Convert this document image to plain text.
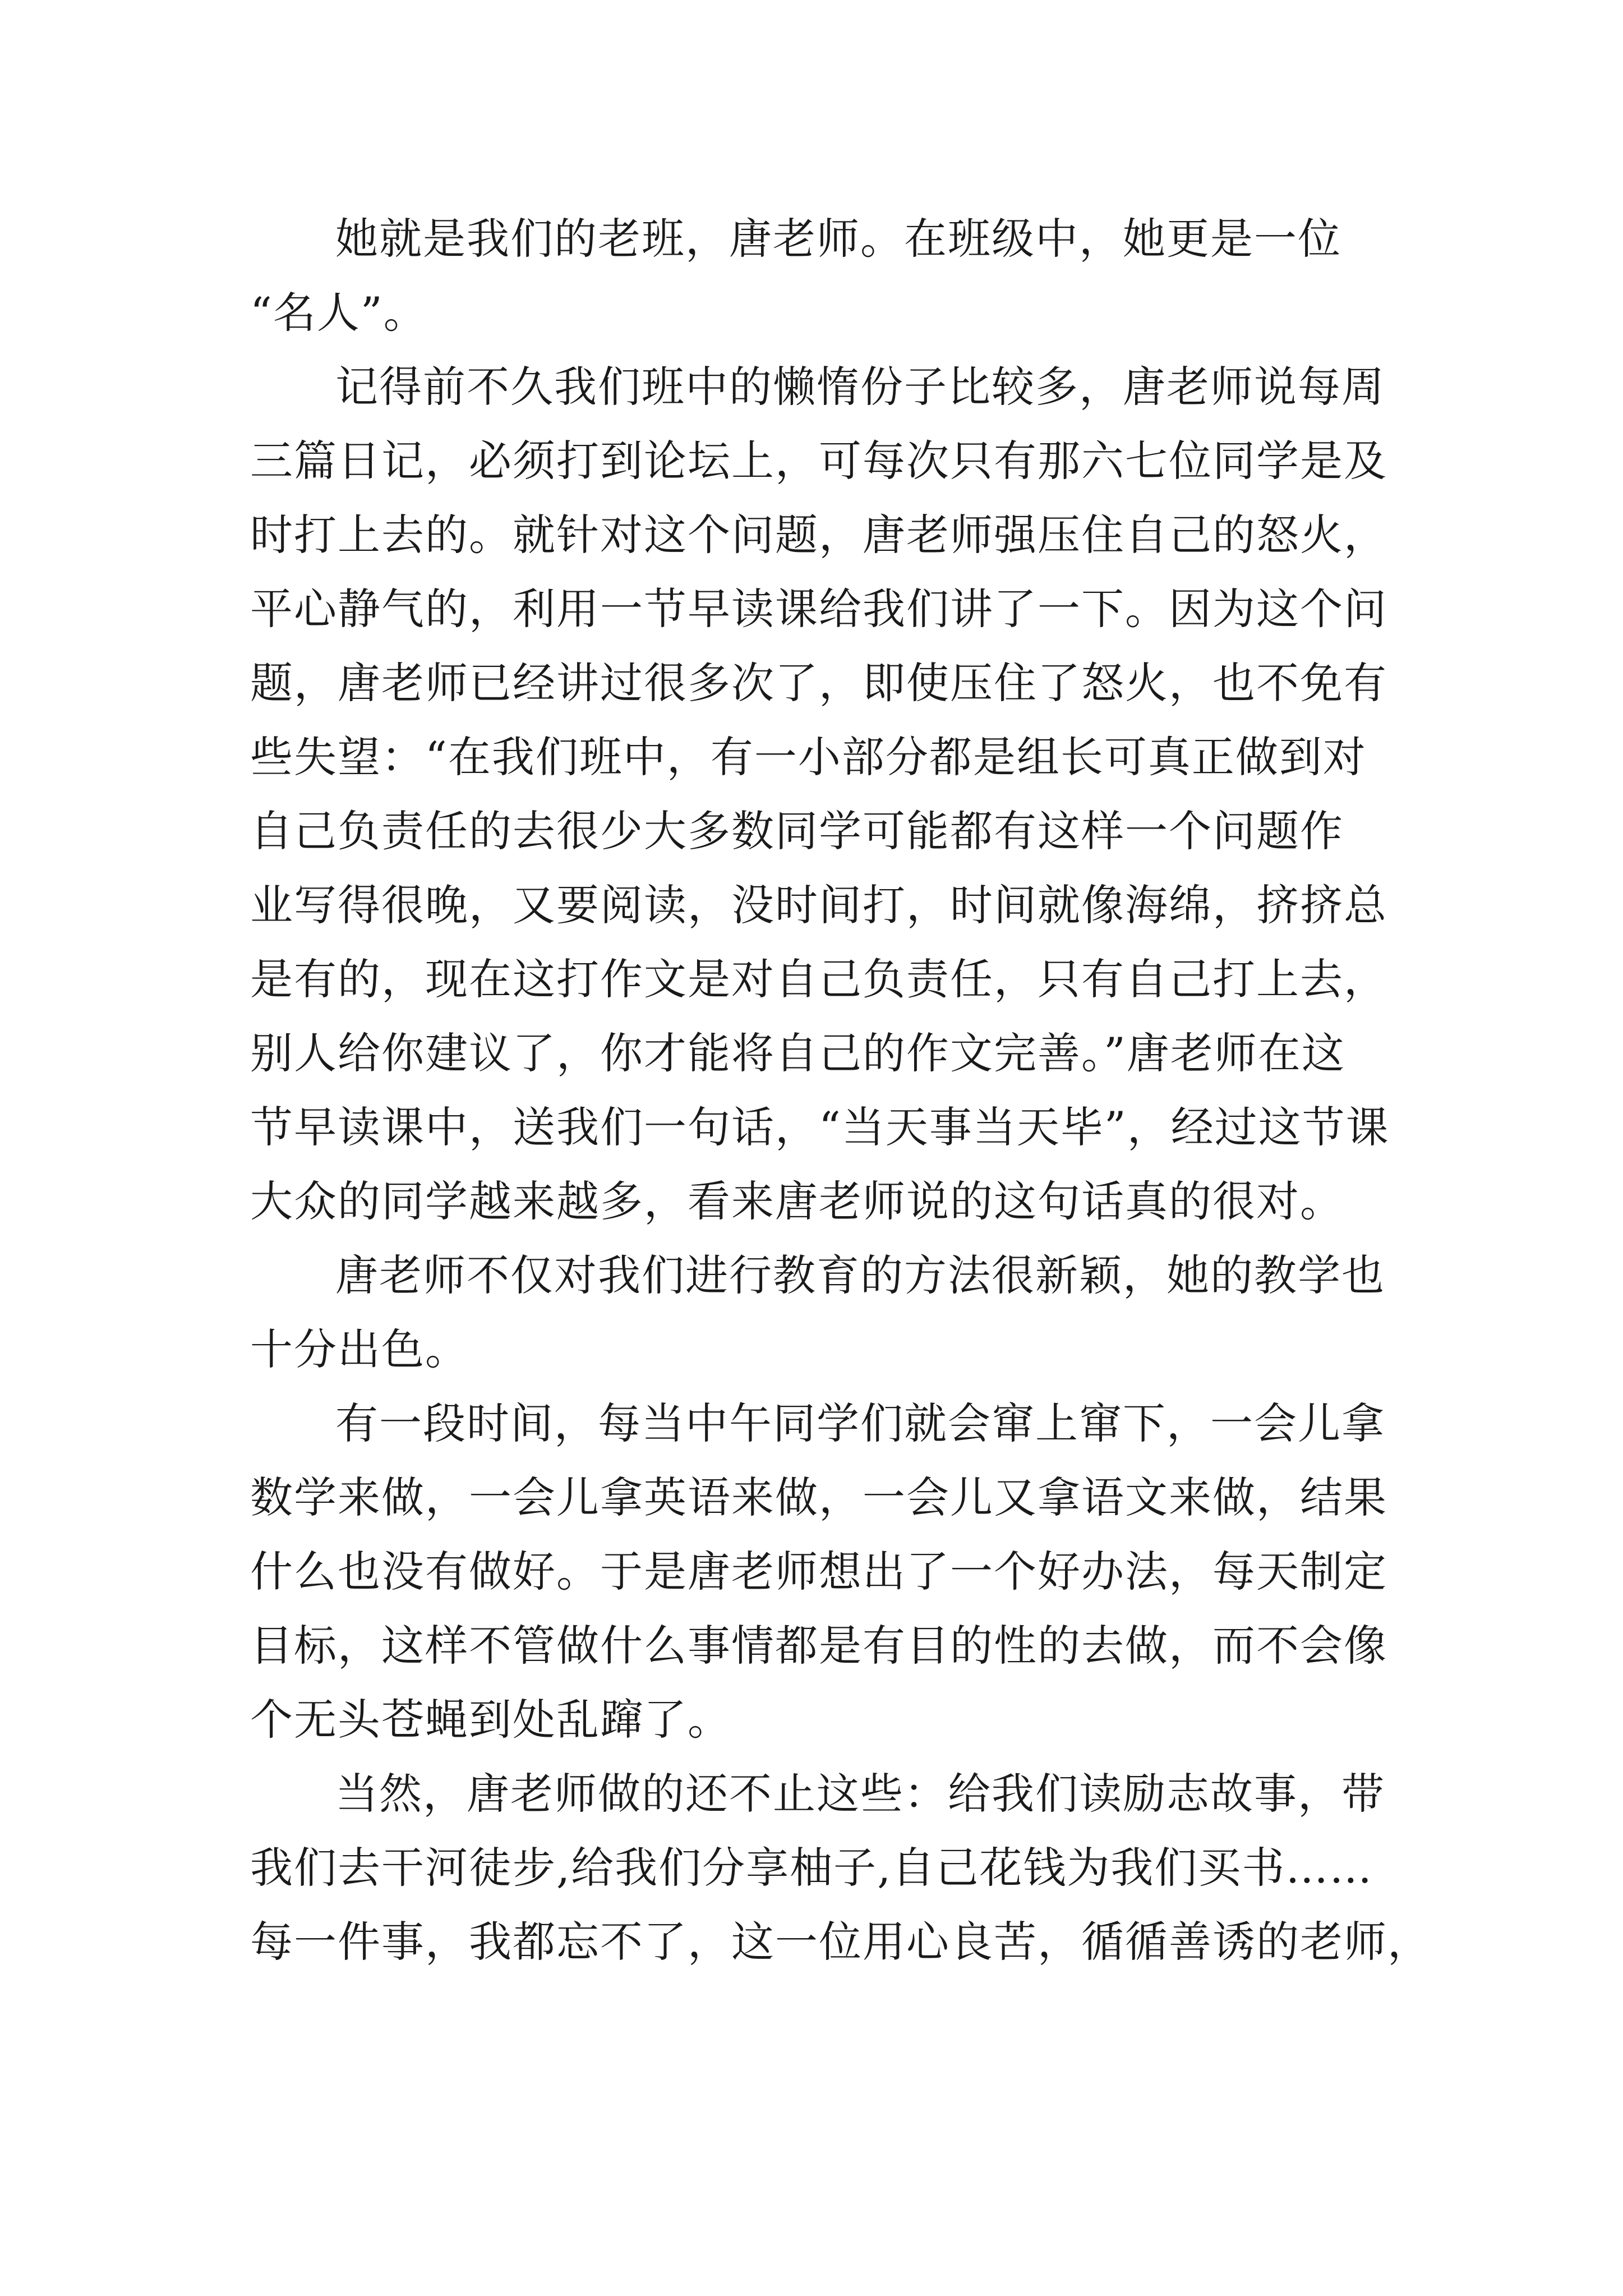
她就是我们的老班，唐老师。在班级中，她更是一位
“名人”。
记得前不久我们班中的懒惰份子比较多，唐老师说每周
三篇日记，必须打到论坛上，可每次只有那六七位同学是及
时打上去的。就针对这个问题，唐老师强压住自己的怒火，
平心静气的，利用一节早读课给我们讲了一下。因为这个问
题，唐老师已经讲过很多次了，即使压住了怒火，也不免有
些失望：“在我们班中，有一小部分都是组长可真正做到对
自己负责任的去很少大多数同学可能都有这样一个问题作
业写得很晚，又要阅读，没时间打，时间就像海绵，挤挤总
是有的，现在这打作文是对自己负责任，只有自己打上去，
别人给你建议了，你才能将自己的作文完善。”唐老师在这
节早读课中，送我们一句话，“当天事当天毕”，经过这节课
大众的同学越来越多，看来唐老师说的这句话真的很对。
唐老师不仅对我们进行教育的方法很新颖，她的教学也
十分出色。
有一段时间，每当中午同学们就会窜上窜下，一会儿拿
数学来做，一会儿拿英语来做，一会儿又拿语文来做，结果
什么也没有做好。于是唐老师想出了一个好办法，每天制定
目标，这样不管做什么事情都是有目的性的去做，而不会像
个无头苍蝇到处乱蹿了。
当然，唐老师做的还不止这些：给我们读励志故事，带
我们去干河徒步,给我们分享柚子,自己花钱为我们买书……
每一件事，我都忘不了，这一位用心良苦，循循善诱的老师，
